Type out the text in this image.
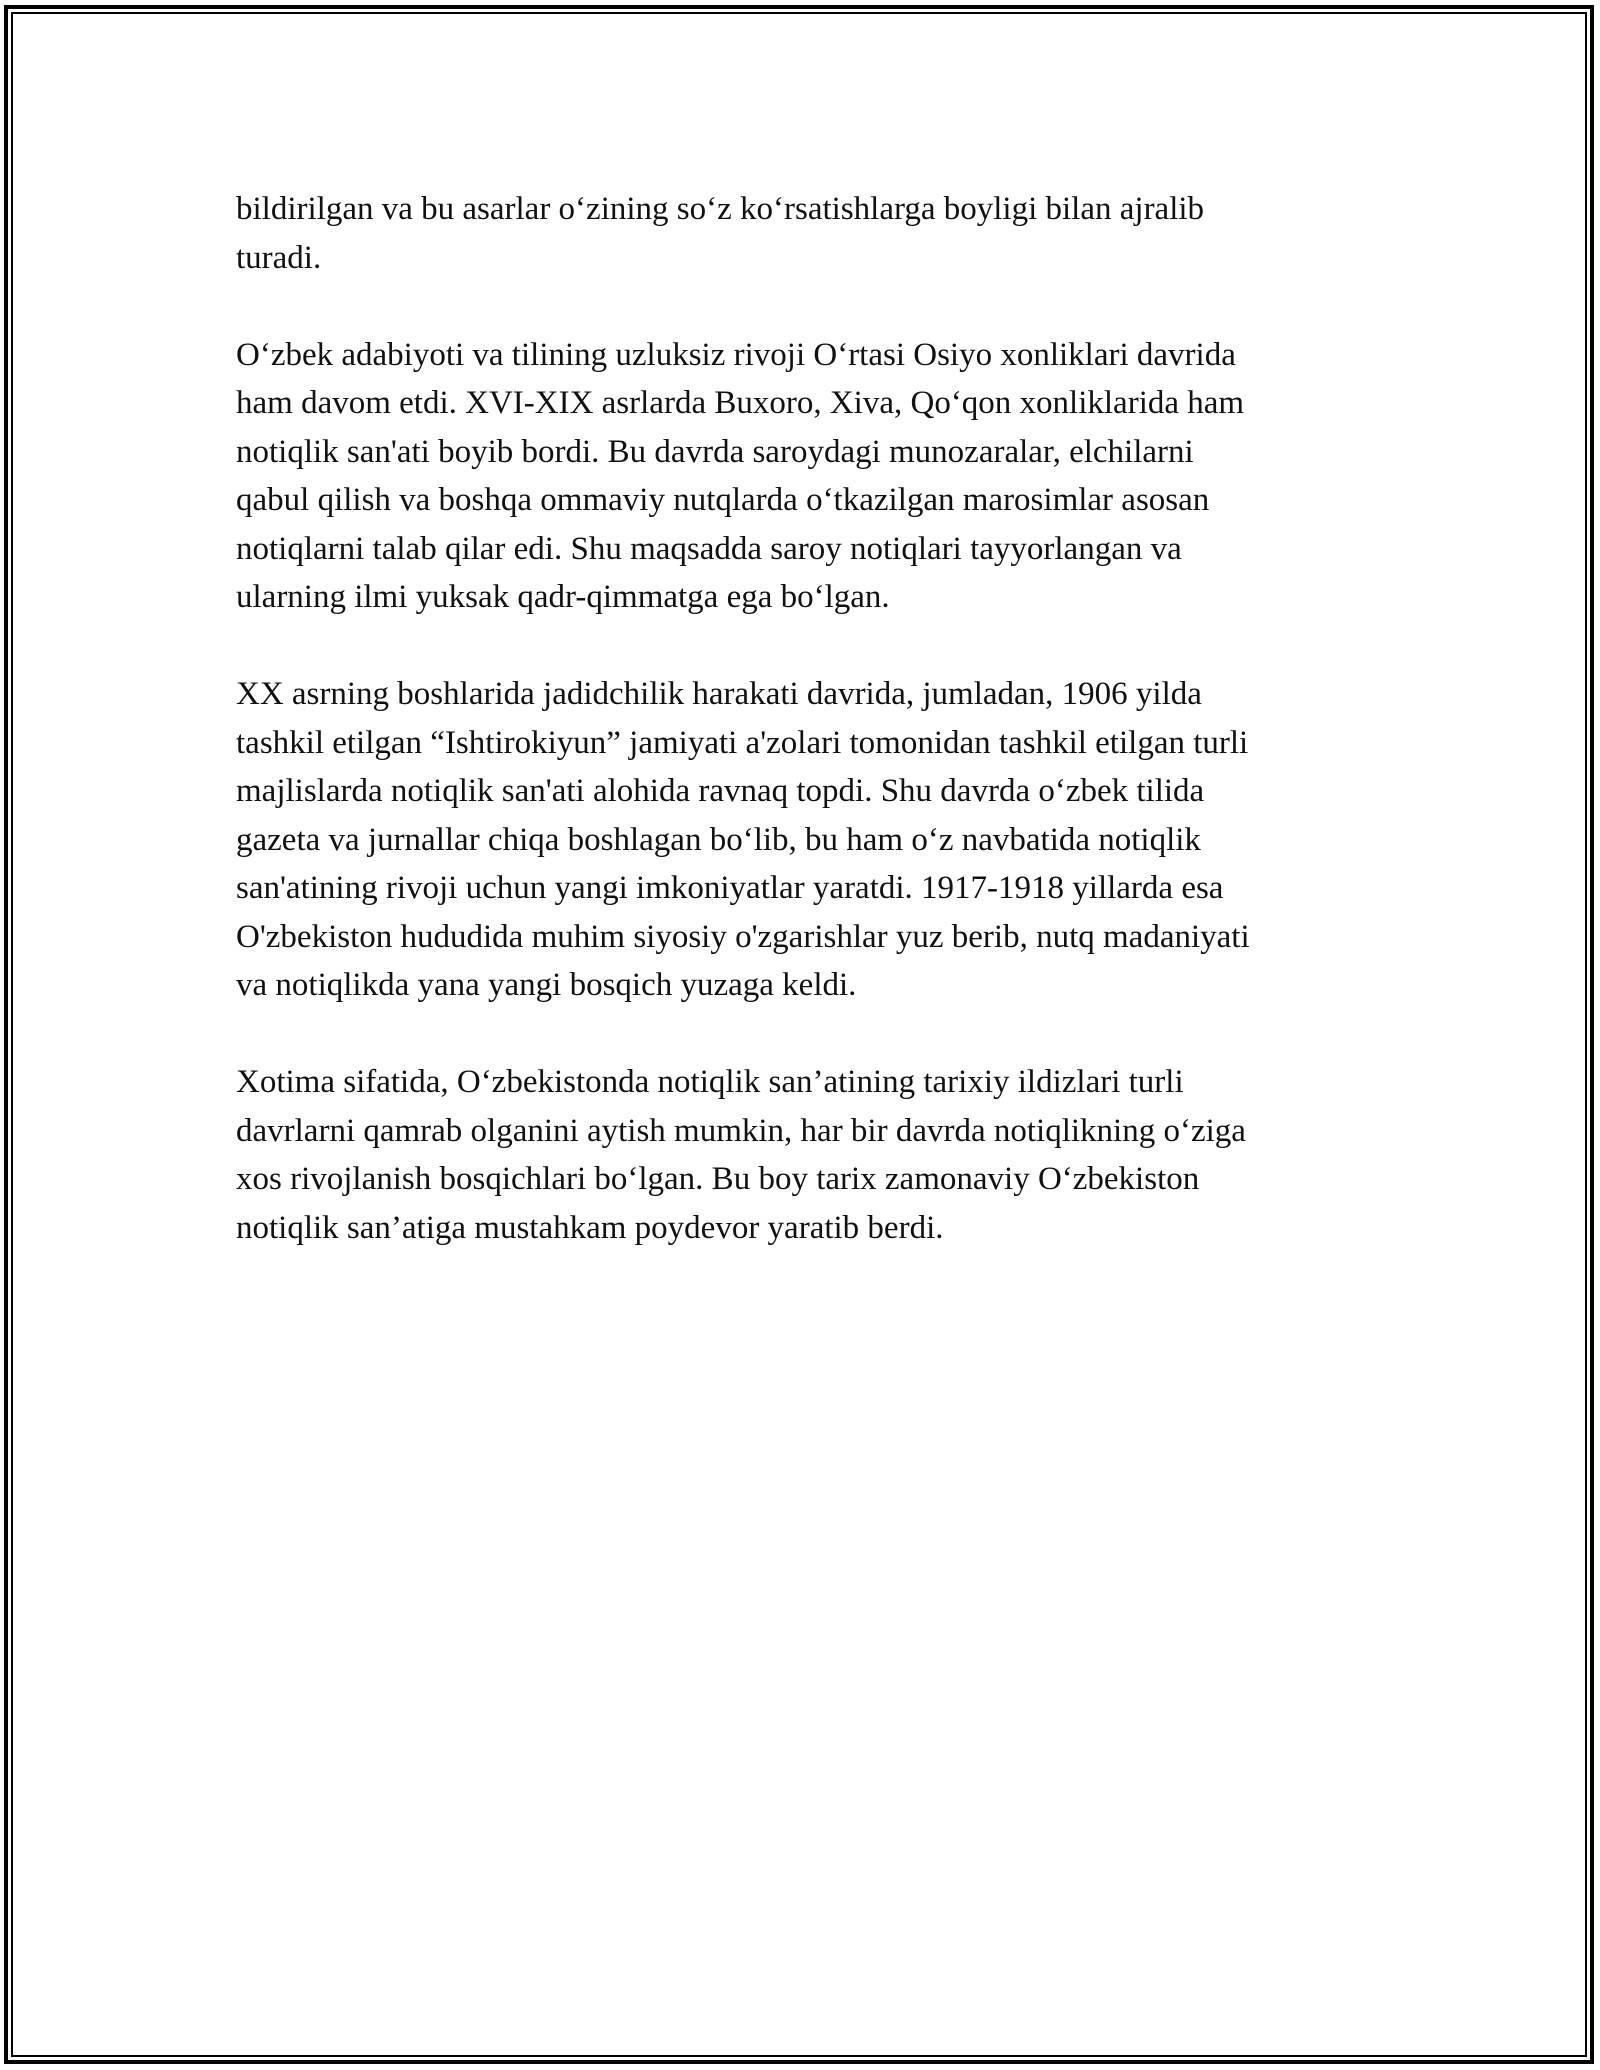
bildirilgan va bu asarlar o‘zining so‘z ko‘rsatishlarga boyligi bilan ajralib
turadi.

O‘zbek adabiyoti va tilining uzluksiz rivoji O‘rtasi Osiyo xonliklari davrida
ham davom etdi. XVI-XIX asrlarda Buxoro, Xiva, Qo‘qon xonliklarida ham
notiqlik san'ati boyib bordi. Bu davrda saroydagi munozaralar, elchilarni
qabul qilish va boshqa ommaviy nutqlarda o‘tkazilgan marosimlar asosan
notiqlarni talab qilar edi. Shu maqsadda saroy notiqlari tayyorlangan va
ularning ilmi yuksak qadr-qimmatga ega bo‘lgan.

XX asrning boshlarida jadidchilik harakati davrida, jumladan, 1906 yilda
tashkil etilgan “Ishtirokiyun” jamiyati a'zolari tomonidan tashkil etilgan turli
majlislarda notiqlik san'ati alohida ravnaq topdi. Shu davrda o‘zbek tilida
gazeta va jurnallar chiqa boshlagan bo‘lib, bu ham o‘z navbatida notiqlik
san'atining rivoji uchun yangi imkoniyatlar yaratdi. 1917-1918 yillarda esa
O'zbekiston hududida muhim siyosiy o'zgarishlar yuz berib, nutq madaniyati
va notiqlikda yana yangi bosqich yuzaga keldi.

Xotima sifatida, O‘zbekistonda notiqlik san’atining tarixiy ildizlari turli
davrlarni qamrab olganini aytish mumkin, har bir davrda notiqlikning o‘ziga
xos rivojlanish bosqichlari bo‘lgan. Bu boy tarix zamonaviy O‘zbekiston
notiqlik san’atiga mustahkam poydevor yaratib berdi.
